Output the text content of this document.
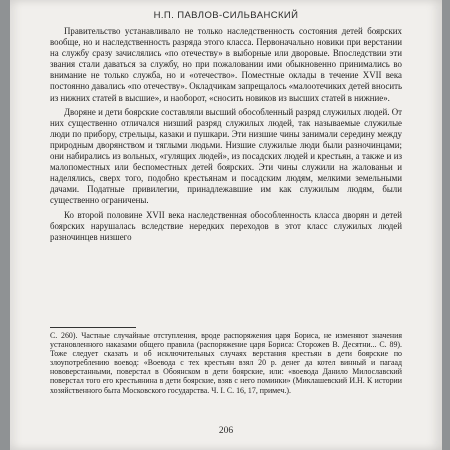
Н.П. ПАВЛОВ-СИЛЬВАНСКИЙ

Правительство устанавливало не только наследственность состояния детей боярских вообще, но и наследственность разряда этого класса. Первоначально новики при верстании на службу сразу зачислялись «по отечеству» в выборные или дворовые. Впоследствии эти звания стали даваться за службу, но при пожаловании ими обыкновенно принимались во внимание не только служба, но и «отечество». Поместные оклады в течение XVII века постоянно давались «по отечеству». Окладчикам запрещалось «малоотечиких детей вносить из нижних статей в высшие», и наоборот, «сносить новиков из высших статей в нижние».

Дворяне и дети боярские составляли высший обособленный разряд служилых людей. От них существенно отличался низший разряд служилых людей, так называемые служилые люди по прибору, стрельцы, казаки и пушкари. Эти низшие чины занимали середину между природным дворянством и тяглыми людьми. Низшие служилые люди были разночинцами; они набирались из вольных, «гулящих людей», из посадских людей и крестьян, а также и из малопоместных или беспоместных детей боярских. Эти чины служили на жалованьи и наделялись, сверх того, подобно крестьянам и посадским людям, мелкими земельными дачами. Податные привилегии, принадлежавшие им как служилым людям, были существенно ограничены.

Ко второй половине XVII века наследственная обособленность класса дворян и детей боярских нарушалась вследствие нередких переходов в этот класс служилых людей разночинцев низшего

С. 260). Частные случайные отступления, вроде распоряжения царя Бориса, не изменяют значения установленного наказами общего правила (распоряжение царя Бориса: Сторожев В. Десятни... С. 89). Тоже следует сказать и об исключительных случаях верстания крестьян в дети боярские по злоупотреблению воевод: «Воевода с тех крестьян взял 20 р. денег да котел винный и пагаад нововерстанными, поверстал в Обоянском в дети боярские, или: «воевода Данило Милославский поверстал того его крестьянина в дети боярские, взяв с него поминки» (Миклашевский И.Н. К истории хозяйственного быта Московского государства. Ч. I. С. 16, 17, примеч.).
206
